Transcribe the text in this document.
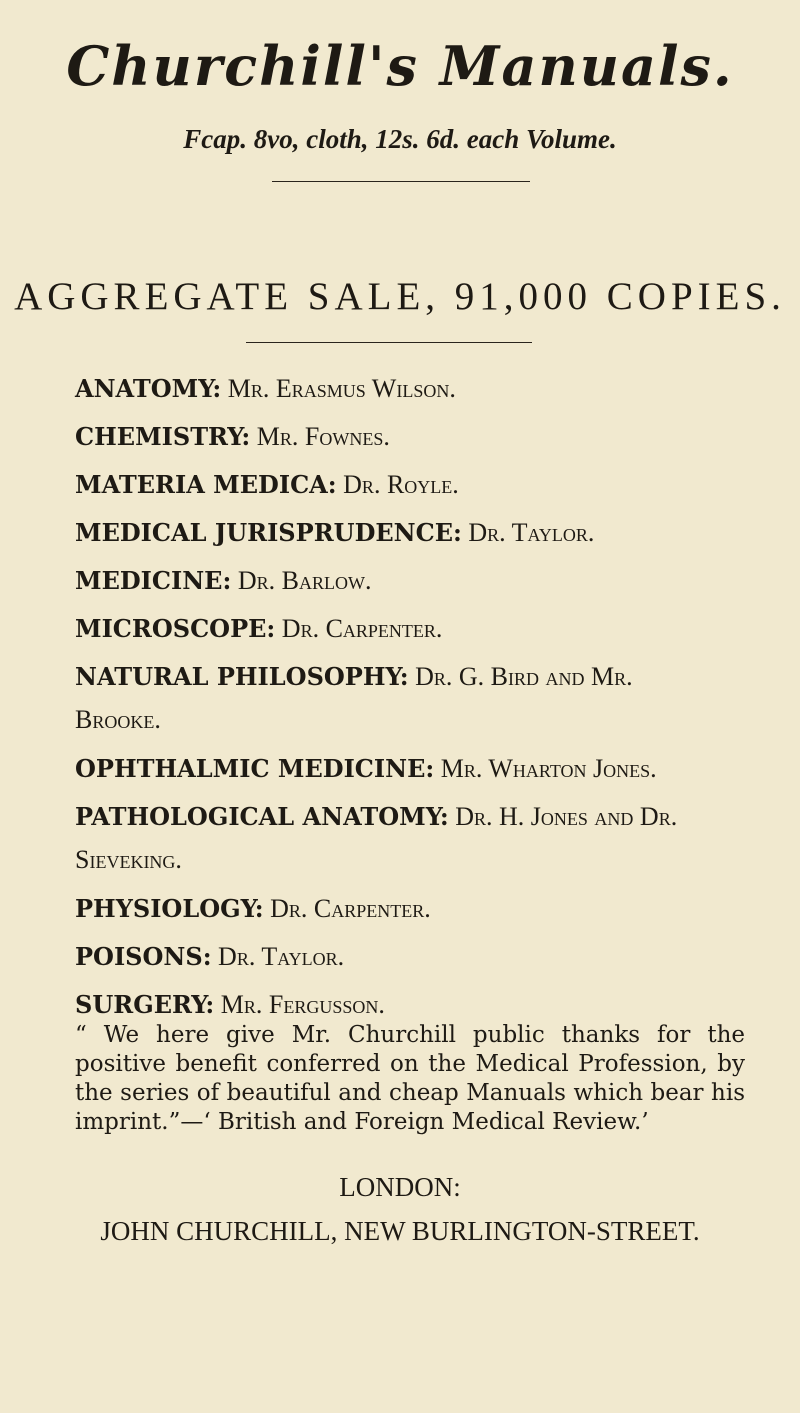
Churchill's Manuals.
Fcap. 8vo, cloth, 12s. 6d. each Volume.
AGGREGATE SALE, 91,000 COPIES.
ANATOMY: Mr. Erasmus Wilson.
CHEMISTRY: Mr. Fownes.
MATERIA MEDICA: Dr. Royle.
MEDICAL JURISPRUDENCE: Dr. Taylor.
MEDICINE: Dr. Barlow.
MICROSCOPE: Dr. Carpenter.
NATURAL PHILOSOPHY: Dr. G. Bird and Mr.
Brooke.
OPHTHALMIC MEDICINE: Mr. Wharton Jones.
PATHOLOGICAL ANATOMY: Dr. H. Jones and Dr.
Sieveking.
PHYSIOLOGY: Dr. Carpenter.
POISONS: Dr. Taylor.
SURGERY: Mr. Fergusson.
“ We here give Mr. Churchill public thanks for the positive benefit conferred on the Medical Profession, by the series of beautiful and cheap Manuals which bear his imprint.”—‘ British and Foreign Medical Review.’
LONDON:
JOHN CHURCHILL, NEW BURLINGTON-STREET.
